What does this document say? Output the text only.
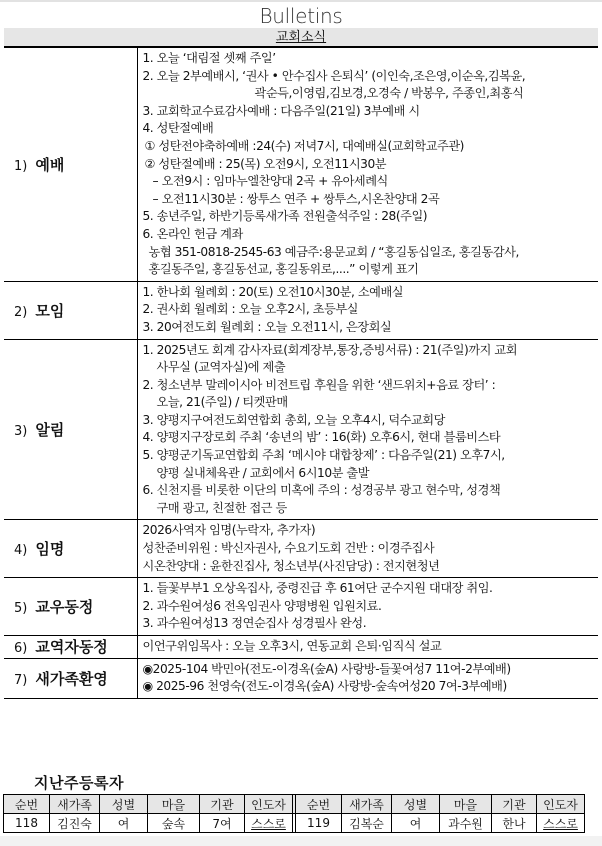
Bulletins
교회소식
1) 예배	
1. 오늘 ‘대림절 셋째 주일’
2. 오늘 2부예배시, ‘권사 • 안수집사 은퇴식’ (이인숙,조은영,이순옥,김복윤,
곽순득,이영림,김보경,오경숙 / 박봉우, 주종인,최홍식
3. 교회학교수료감사예배 : 다음주일(21일) 3부예배 시
4. 성탄절예배
① 성탄전야축하예배 :24(수) 저녁7시, 대예배실(교회학교주관)
② 성탄절예배 : 25(목) 오전9시, 오전11시30분
– 오전9시 : 임마누엘찬양대 2곡 + 유아세례식
– 오전11시30분 : 쌍투스 연주 + 쌍투스,시온찬양대 2곡
5. 송년주일, 하반기등록새가족 전원출석주일 : 28(주일)
6. 온라인 헌금 계좌
농협 351-0818-2545-63 예금주:용문교회 / “홍길동십일조, 홍길동감사,
홍길동주일, 홍길동선교, 홍길동위로,....” 이렇게 표기

2) 모임	1. 한나회 월례회 : 20(토) 오전10시30분, 소예배실
2. 권사회 월례회 : 오늘 오후2시, 초등부실
3. 20여전도회 월례회 : 오늘 오전11시, 은장회실

3) 알림	
1. 2025년도 회계 감사자료(회계장부,통장,증빙서류) : 21(주일)까지 교회
사무실 (교역자실)에 제출
2. 청소년부 말레이시아 비전트립 후원을 위한 ‘샌드위치+음료 장터’ :
오늘, 21(주일) / 티켓판매
3. 양평지구여전도회연합회 총회, 오늘 오후4시, 덕수교회당
4. 양평지구장로회 주최 ‘송년의 밤’ : 16(화) 오후6시, 현대 블룸비스타
5. 양평군기독교연합회 주최 ‘메시야 대합창제’ : 다음주일(21) 오후7시,
양평 실내체육관 / 교회에서 6시10분 출발
6. 신천지를 비롯한 이단의 미혹에 주의 : 성경공부 광고 현수막, 성경책
구매 광고, 친절한 접근 등

4) 임명	2026사역자 임명(누락자, 추가자)
성찬준비위원 : 박신자권사, 수요기도회 건반 : 이경주집사
시온찬양대 : 윤한진집사, 청소년부(사진담당) : 전지현청년

5) 교우동정	1. 들꽃부부1 오상옥집사, 중령진급 후 61여단 군수지원 대대장 취임.
2. 과수원여성6 전옥임권사 양평병원 입원치료.
3. 과수원여성13 정연순집사 성경필사 완성.

6) 교역자동정	이언구위임목사 : 오늘 오후3시, 연동교회 은퇴·임직식 설교

7) 새가족환영	◉2025-104 박민아(전도-이경옥(숲A) 사랑방-들꽃여성7 11여-2부예배)
◉ 2025-96 천영숙(전도-이경옥(숲A) 사랑방-숲속여성20 7여-3부예배)
지난주등록자
순번	새가족	성별	마을	기관	인도자		순번	새가족	성별	마을	기관	인도자
118	김진숙	여	숲속	7여	스스로		119	김복순	여	과수원	한나	스스로
